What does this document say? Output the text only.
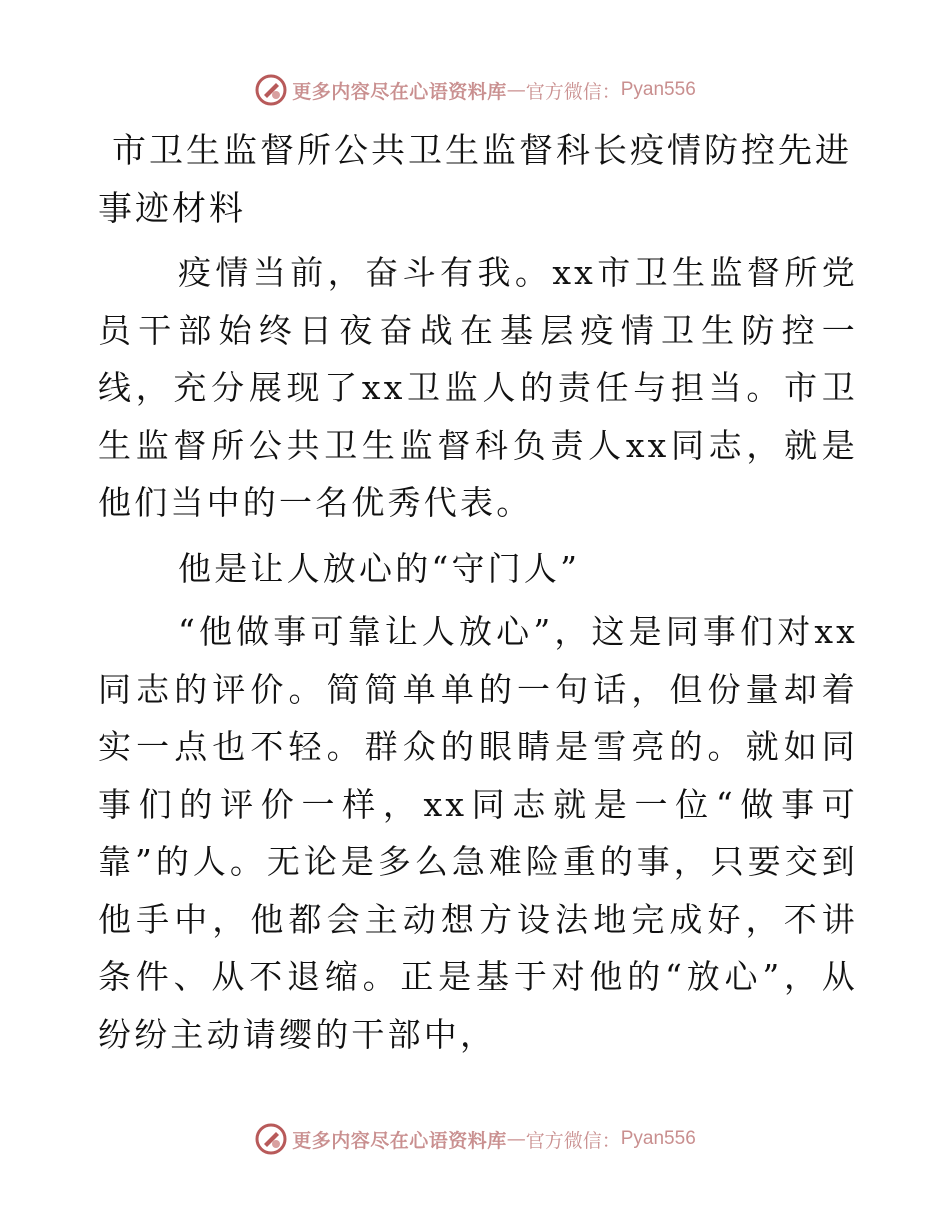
更多内容尽在心语资料库 — 官方微信： Pyan556
市卫生监督所公共卫生监督科长疫情防控先进事迹材料

疫情当前，奋斗有我。xx市卫生监督所党员干部始终日夜奋战在基层疫情卫生防控一线，充分展现了xx卫监人的责任与担当。市卫生监督所公共卫生监督科负责人xx同志，就是他们当中的一名优秀代表。

他是让人放心的“守门人”

“他做事可靠让人放心”，这是同事们对xx同志的评价。简简单单的一句话，但份量却着实一点也不轻。群众的眼睛是雪亮的。就如同事们的评价一样，xx同志就是一位“做事可靠”的人。无论是多么急难险重的事，只要交到他手中，他都会主动想方设法地完成好，不讲条件、从不退缩。正是基于对他的“放心”，从纷纷主动请缨的干部中，

更多内容尽在心语资料库 — 官方微信： Pyan556
